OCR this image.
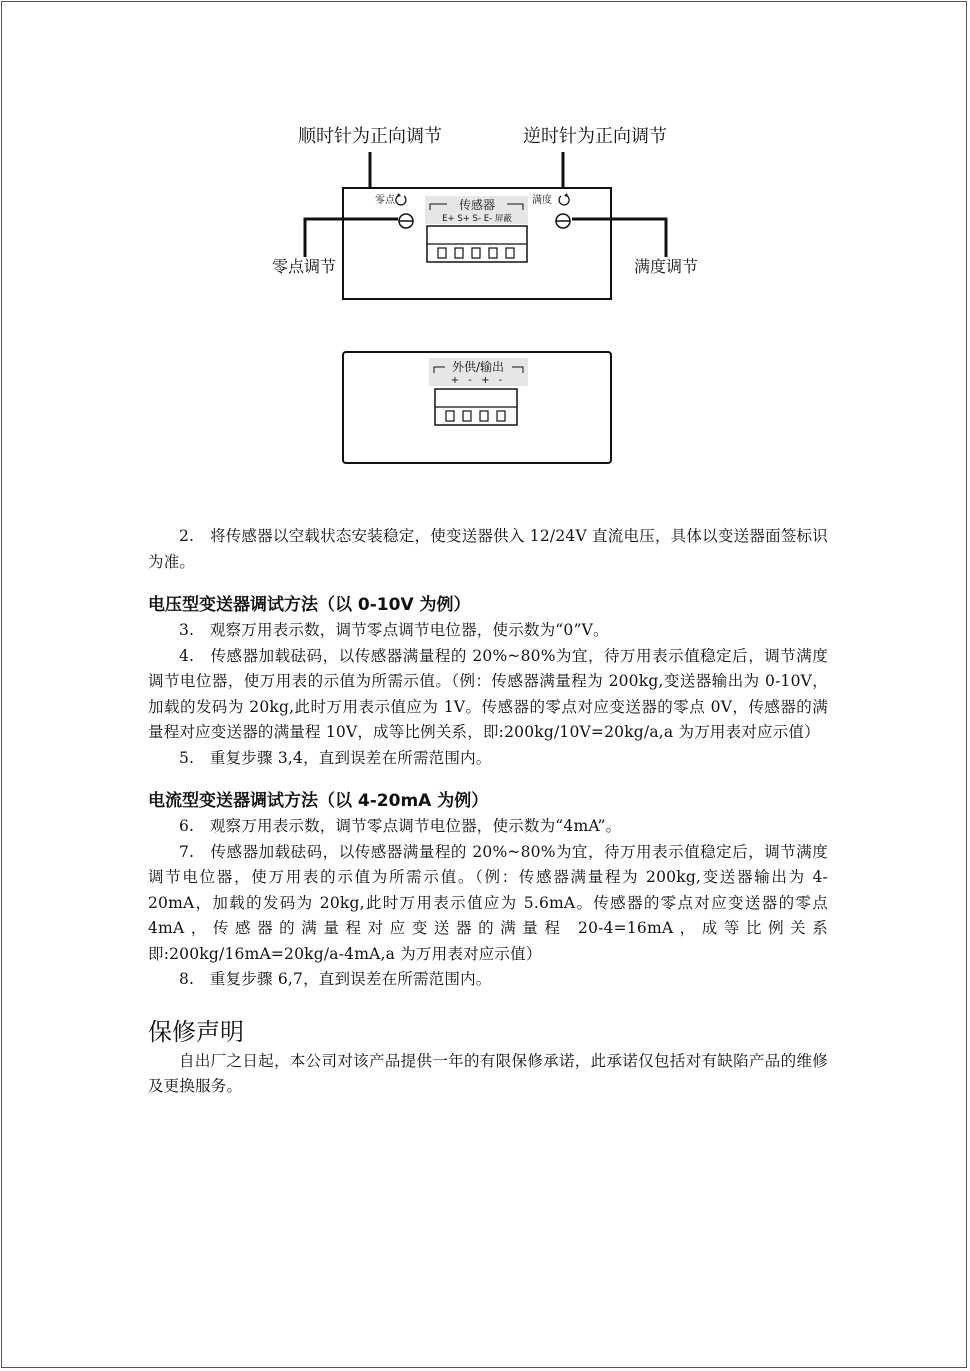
顺时针为正向调节	逆时针为正向调节
零点	满度
零点调节	满度调节
传感器
E+ S+ S- E- 屏蔽
外供/输出
+ - + -

2.　将传感器以空载状态安装稳定，使变送器供入 12/24V 直流电压，具体以变送器面签标识为准。

电压型变送器调试方法（以 0-10V 为例）

3.　观察万用表示数，调节零点调节电位器，使示数为“0”V。

4.　传感器加载砝码，以传感器满量程的 20%~80%为宜，待万用表示值稳定后，调节满度调节电位器，使万用表的示值为所需示值。（例：传感器满量程为 200kg,变送器输出为 0-10V，加载的发码为 20kg,此时万用表示值应为 1V。传感器的零点对应变送器的零点 0V，传感器的满量程对应变送器的满量程 10V，成等比例关系，即:200kg/10V=20kg/a,a 为万用表对应示值）

5.　重复步骤 3,4，直到误差在所需范围内。

电流型变送器调试方法（以 4-20mA 为例）

6.　观察万用表示数，调节零点调节电位器，使示数为“4mA”。

7.　传感器加载砝码，以传感器满量程的 20%~80%为宜，待万用表示值稳定后，调节满度调节电位器，使万用表的示值为所需示值。（例：传感器满量程为 200kg,变送器输出为 4-20mA，加载的发码为 20kg,此时万用表示值应为 5.6mA。传感器的零点对应变送器的零点 4mA，传感器的满量程对应变送器的满量程 20-4=16mA，成等比例关系即:200kg/16mA=20kg/a-4mA,a 为万用表对应示值）

8.　重复步骤 6,7，直到误差在所需范围内。

保修声明

自出厂之日起，本公司对该产品提供一年的有限保修承诺，此承诺仅包括对有缺陷产品的维修及更换服务。
